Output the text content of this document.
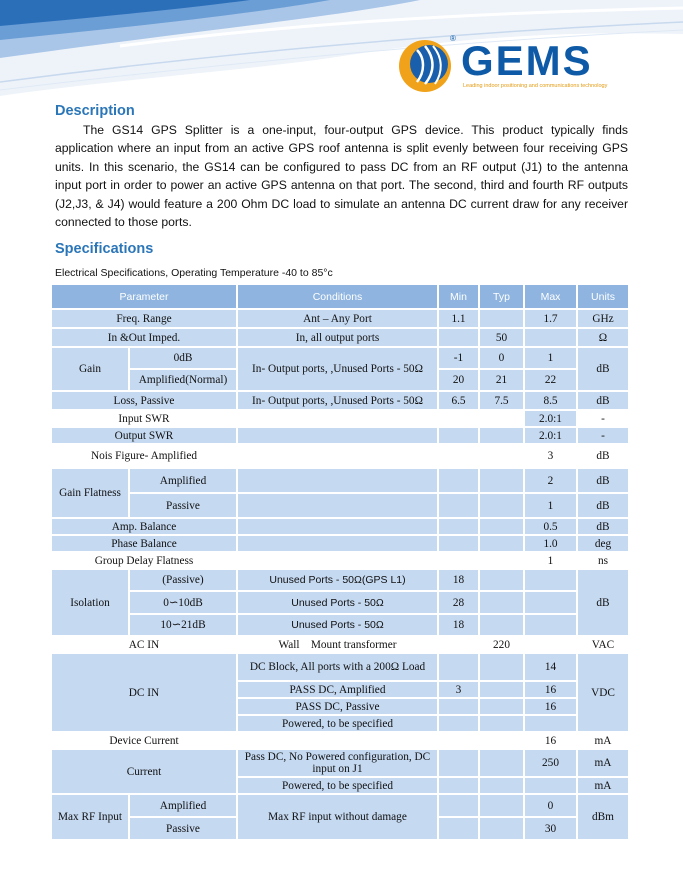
® GEMS
Leading indoor positioning and communications technology
Description

The GS14 GPS Splitter is a one-input, four-output GPS device. This product typically finds application where an input from an active GPS roof antenna is split evenly between four receiving GPS units. In this scenario, the GS14 can be configured to pass DC from an RF output (J1) to the antenna input port in order to power an active GPS antenna on that port. The second, third and fourth RF outputs (J2,J3, & J4) would feature a 200 Ohm DC load to simulate an antenna DC current draw for any receiver connected to those ports.

Specifications

Electrical Specifications, Operating Temperature -40 to 85°c

Parameter		Conditions	Min	Typ	Max	Units
Freq. Range		Ant – Any Port	1.1		1.7	GHz
In &Out Imped.		In, all output ports		50		Ω
Gain	0dB	In- Output ports, ,Unused Ports - 50Ω	-1	0	1	dB
	Amplified(Normal)		20	21	22	
Loss, Passive		In- Output ports, ,Unused Ports - 50Ω	6.5	7.5	8.5	dB
Input SWR					2.0:1	-
Output SWR					2.0:1	-
Nois Figure- Amplified					3	dB
Gain Flatness	Amplified				2	dB
	Passive				1	dB
Amp. Balance					0.5	dB
Phase Balance					1.0	deg
Group Delay Flatness					1	ns
Isolation	(Passive)	Unused Ports - 50Ω(GPS L1)	18			dB
	0∽10dB	Unused Ports - 50Ω	28			
	10∽21dB	Unused Ports - 50Ω	18			
AC IN		Wall    Mount transformer		220		VAC
DC IN		DC Block, All ports with a 200Ω Load			14	VDC
		PASS DC, Amplified	3		16	
		PASS DC, Passive			16	
		Powered, to be specified				
Device Current					16	mA
Current		Pass DC, No Powered configuration, DC input on J1			250	mA
		Powered, to be specified				mA
Max RF Input	Amplified	Max RF input without damage			0	dBm
	Passive				30	
